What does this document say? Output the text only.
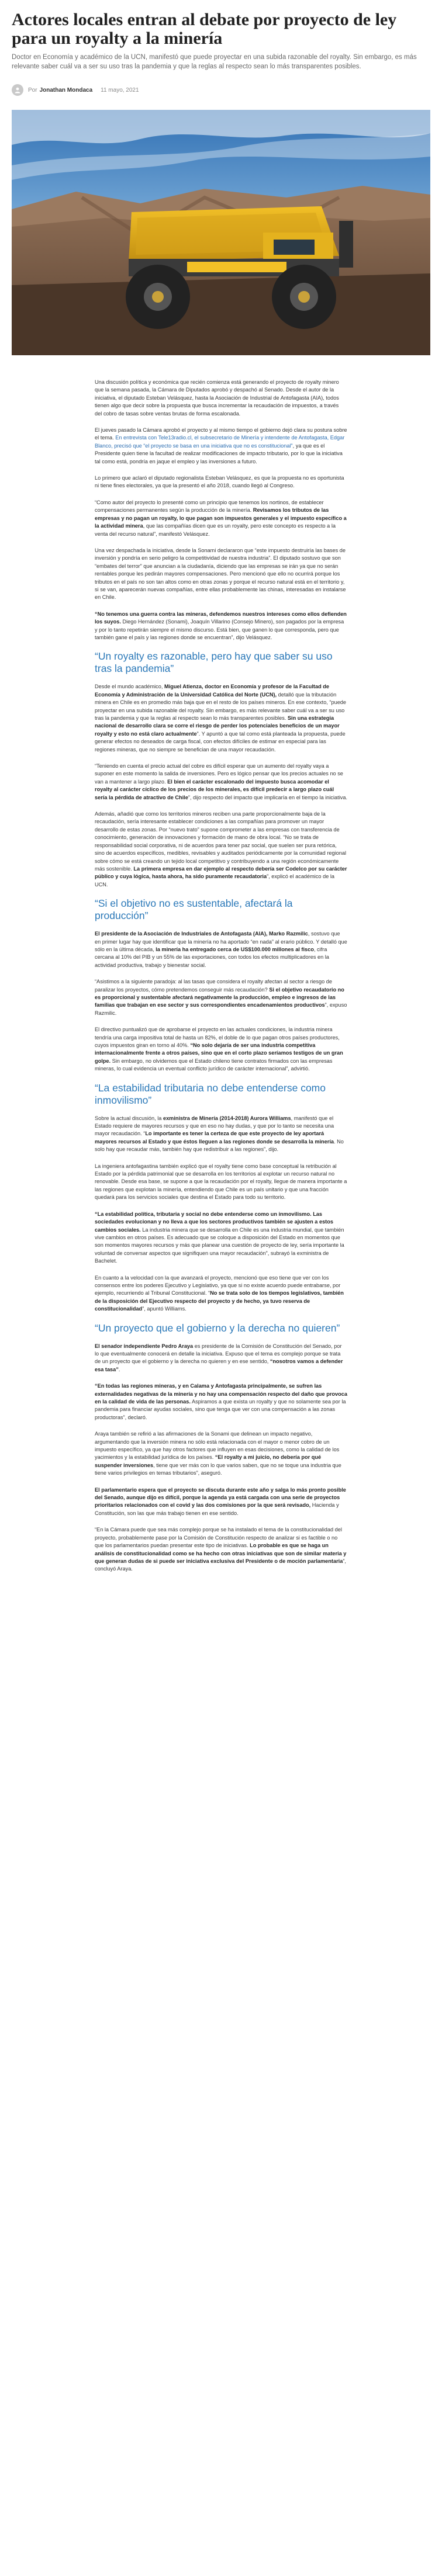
Actores locales entran al debate por proyecto de ley para un royalty a la minería

Doctor en Economía y académico de la UCN, manifestó que puede proyectar en una subida razonable del royalty. Sin embargo, es más relevante saber cuál va a ser su uso tras la pandemia y que la reglas al respecto sean lo más transparentes posibles.

Por Jonathan Mondaca 11 mayo, 2021

Una discusión política y económica que recién comienza está generando el proyecto de royalty minero que la semana pasada, la Cámara de Diputados aprobó y despachó al Senado. Desde el autor de la iniciativa, el diputado Esteban Velásquez, hasta la Asociación de Industrial de Antofagasta (AIA), todos tienen algo que decir sobre la propuesta que busca incrementar la recaudación de impuestos, a través del cobro de tasas sobre ventas brutas de forma escalonada.

El jueves pasado la Cámara aprobó el proyecto y al mismo tiempo el gobierno dejó clara su postura sobre el tema. En entrevista con Tele13radio.cl, el subsecretario de Minería y intendente de Antofagasta, Edgar Blanco, precisó que “el proyecto se basa en una iniciativa que no es constitucional”, ya que es el Presidente quien tiene la facultad de realizar modificaciones de impacto tributario, por lo que la iniciativa tal como está, pondría en jaque el empleo y las inversiones a futuro.

Lo primero que aclaró el diputado regionalista Esteban Velásquez, es que la propuesta no es oportunista ni tiene fines electorales, ya que la presentó el año 2018, cuando llegó al Congreso.

“Como autor del proyecto lo presenté como un principio que tenemos los nortinos, de establecer compensaciones permanentes según la producción de la minería. Revisamos los tributos de las empresas y no pagan un royalty, lo que pagan son impuestos generales y el impuesto específico a la actividad minera, que las compañías dicen que es un royalty, pero este concepto es respecto a la venta del recurso natural”, manifestó Velásquez.

Una vez despachada la iniciativa, desde la Sonami declararon que “este impuesto destruiría las bases de inversión y pondría en serio peligro la competitividad de nuestra industria”. El diputado sostuvo que son “embates del terror” que anuncian a la ciudadanía, diciendo que las empresas se irán ya que no serán rentables porque les pedirán mayores compensaciones. Pero mencionó que ello no ocurrirá porque los tributos en el país no son tan altos como en otras zonas y porque el recurso natural está en el territorio y, si se van, aparecerán nuevas compañías, entre ellas probablemente las chinas, interesadas en instalarse en Chile.

“No tenemos una guerra contra las mineras, defendemos nuestros intereses como ellos defienden los suyos. Diego Hernández (Sonami), Joaquín Villarino (Consejo Minero), son pagados por la empresa y por lo tanto repetirán siempre el mismo discurso. Está bien, que ganen lo que corresponda, pero que también gane el país y las regiones donde se encuentran”, dijo Velásquez.

“Un royalty es razonable, pero hay que saber su uso tras la pandemia”

Desde el mundo académico, Miguel Atienza, doctor en Economía y profesor de la Facultad de Economía y Administración de la Universidad Católica del Norte (UCN), detalló que la tributación minera en Chile es en promedio más baja que en el resto de los países mineros. En ese contexto, “puede proyectar en una subida razonable del royalty. Sin embargo, es más relevante saber cuál va a ser su uso tras la pandemia y que la reglas al respecto sean lo más transparentes posibles. Sin una estrategia nacional de desarrollo clara se corre el riesgo de perder los potenciales beneficios de un mayor royalty y esto no está claro actualmente”. Y apuntó a que tal como está planteada la propuesta, puede generar efectos no deseados de carga fiscal, con efectos difíciles de estimar en especial para las regiones mineras, que no siempre se benefician de una mayor recaudación.

“Teniendo en cuenta el precio actual del cobre es difícil esperar que un aumento del royalty vaya a suponer en este momento la salida de inversiones. Pero es lógico pensar que los precios actuales no se van a mantener a largo plazo. El bien el carácter escalonado del impuesto busca acomodar el royalty al carácter cíclico de los precios de los minerales, es difícil predecir a largo plazo cuál sería la pérdida de atractivo de Chile”, dijo respecto del impacto que implicaría en el tiempo la iniciativa.

Además, añadió que como los territorios mineros reciben una parte proporcionalmente baja de la recaudación, sería interesante establecer condiciones a las compañías para promover un mayor desarrollo de estas zonas. Por “nuevo trato” supone comprometer a las empresas con transferencia de conocimiento, generación de innovaciones y formación de mano de obra local. “No se trata de responsabilidad social corporativa, ni de acuerdos para tener paz social, que suelen ser pura retórica, sino de acuerdos específicos, medibles, revisables y auditados periódicamente por la comunidad regional sobre cómo se está creando un tejido local competitivo y contribuyendo a una región económicamente más sostenible. La primera empresa en dar ejemplo al respecto debería ser Codelco por su carácter público y cuya lógica, hasta ahora, ha sido puramente recaudatoria”, explicó el académico de la UCN.

“Si el objetivo no es sustentable, afectará la producción”

El presidente de la Asociación de Industriales de Antofagasta (AIA), Marko Razmilic, sostuvo que en primer lugar hay que identificar que la minería no ha aportado “en nada” al erario público. Y detalló que sólo en la última década, la minería ha entregado cerca de US$100.000 millones al fisco, cifra cercana al 10% del PIB y un 55% de las exportaciones, con todos los efectos multiplicadores en la actividad productiva, trabajo y bienestar social.

“Asistimos a la siguiente paradoja: al las tasas que considera el royalty afectan al sector a riesgo de paralizar los proyectos, cómo pretendemos conseguir más recaudación? Si el objetivo recaudatorio no es proporcional y sustentable afectará negativamente la producción, empleo e ingresos de las familias que trabajan en ese sector y sus correspondientes encadenamientos productivos”, expuso Razmilic.

El directivo puntualizó que de aprobarse el proyecto en las actuales condiciones, la industria minera tendría una carga impositiva total de hasta un 82%, el doble de lo que pagan otros países productores, cuyos impuestos giran en torno al 40%. “No solo dejaría de ser una industria competitiva internacionalmente frente a otros países, sino que en el corto plazo seríamos testigos de un gran golpe. Sin embargo, no olvidemos que el Estado chileno tiene contratos firmados con las empresas mineras, lo cual evidencia un eventual conflicto jurídico de carácter internacional”, advirtió.

“La estabilidad tributaria no debe entenderse como inmovilismo”

Sobre la actual discusión, la exministra de Minería (2014-2018) Aurora Williams, manifestó que el Estado requiere de mayores recursos y que en eso no hay dudas, y que por lo tanto se necesita una mayor recaudación. “Lo importante es tener la certeza de que este proyecto de ley aportará mayores recursos al Estado y que éstos lleguen a las regiones donde se desarrolla la minería. No solo hay que recaudar más, también hay que redistribuir a las regiones”, dijo.

La ingeniera antofagastina también explicó que el royalty tiene como base conceptual la retribución al Estado por la pérdida patrimonial que se desarrolla en los territorios al explotar un recurso natural no renovable. Desde esa base, se supone a que la recaudación por el royalty, llegue de manera importante a las regiones que explotan la minería, entendiendo que Chile es un país unitario y que una fracción quedará para los servicios sociales que destina el Estado para todo su territorio.

“La estabilidad política, tributaria y social no debe entenderse como un inmovilismo. Las sociedades evolucionan y no lleva a que los sectores productivos también se ajusten a estos cambios sociales. La industria minera que se desarrolla en Chile es una industria mundial, que también vive cambios en otros países. Es adecuado que se coloque a disposición del Estado en momentos que son momentos mayores recursos y más que planear una cuestión de proyecto de ley, sería importante la voluntad de conversar aspectos que signifiquen una mayor recaudación”, subrayó la exministra de Bachelet.

En cuanto a la velocidad con la que avanzará el proyecto, mencionó que eso tiene que ver con los consensos entre los poderes Ejecutivo y Legislativo, ya que si no existe acuerdo puede entrabarse, por ejemplo, recurriendo al Tribunal Constitucional. “No se trata solo de los tiempos legislativos, también de la disposición del Ejecutivo respecto del proyecto y de hecho, ya tuvo reserva de constitucionalidad”, apuntó Williams.

“Un proyecto que el gobierno y la derecha no quieren”

El senador independiente Pedro Araya es presidente de la Comisión de Constitución del Senado, por lo que eventualmente conocerá en detalle la iniciativa. Expuso que el tema es complejo porque se trata de un proyecto que el gobierno y la derecha no quieren y en ese sentido, “nosotros vamos a defender esa tasa”.

“En todas las regiones mineras, y en Calama y Antofagasta principalmente, se sufren las externalidades negativas de la minería y no hay una compensación respecto del daño que provoca en la calidad de vida de las personas. Aspiramos a que exista un royalty y que no solamente sea por la pandemia para financiar ayudas sociales, sino que tenga que ver con una compensación a las zonas productoras”, declaró.

Araya también se refirió a las afirmaciones de la Sonami que delinean un impacto negativo, argumentando que la inversión minera no sólo está relacionada con el mayor o menor cobro de un impuesto específico, ya que hay otros factores que influyen en esas decisiones, como la calidad de los yacimientos y la estabilidad jurídica de los países. “El royalty a mi juicio, no debería por qué suspender inversiones, tiene que ver más con lo que varios saben, que no se toque una industria que tiene varios privilegios en temas tributarios”, aseguró.

El parlamentario espera que el proyecto se discuta durante este año y salga lo más pronto posible del Senado, aunque dijo es difícil, porque la agenda ya está cargada con una serie de proyectos prioritarios relacionados con el covid y las dos comisiones por la que será revisado, Hacienda y Constitución, son las que más trabajo tienen en ese sentido.

“En la Cámara puede que sea más complejo porque se ha instalado el tema de la constitucionalidad del proyecto, probablemente pase por la Comisión de Constitución respecto de analizar si es factible o no que los parlamentarios puedan presentar este tipo de iniciativas. Lo probable es que se haga un análisis de constitucionalidad como se ha hecho con otras iniciativas que son de similar materia y que generan dudas de si puede ser iniciativa exclusiva del Presidente o de moción parlamentaria”, concluyó Araya.
